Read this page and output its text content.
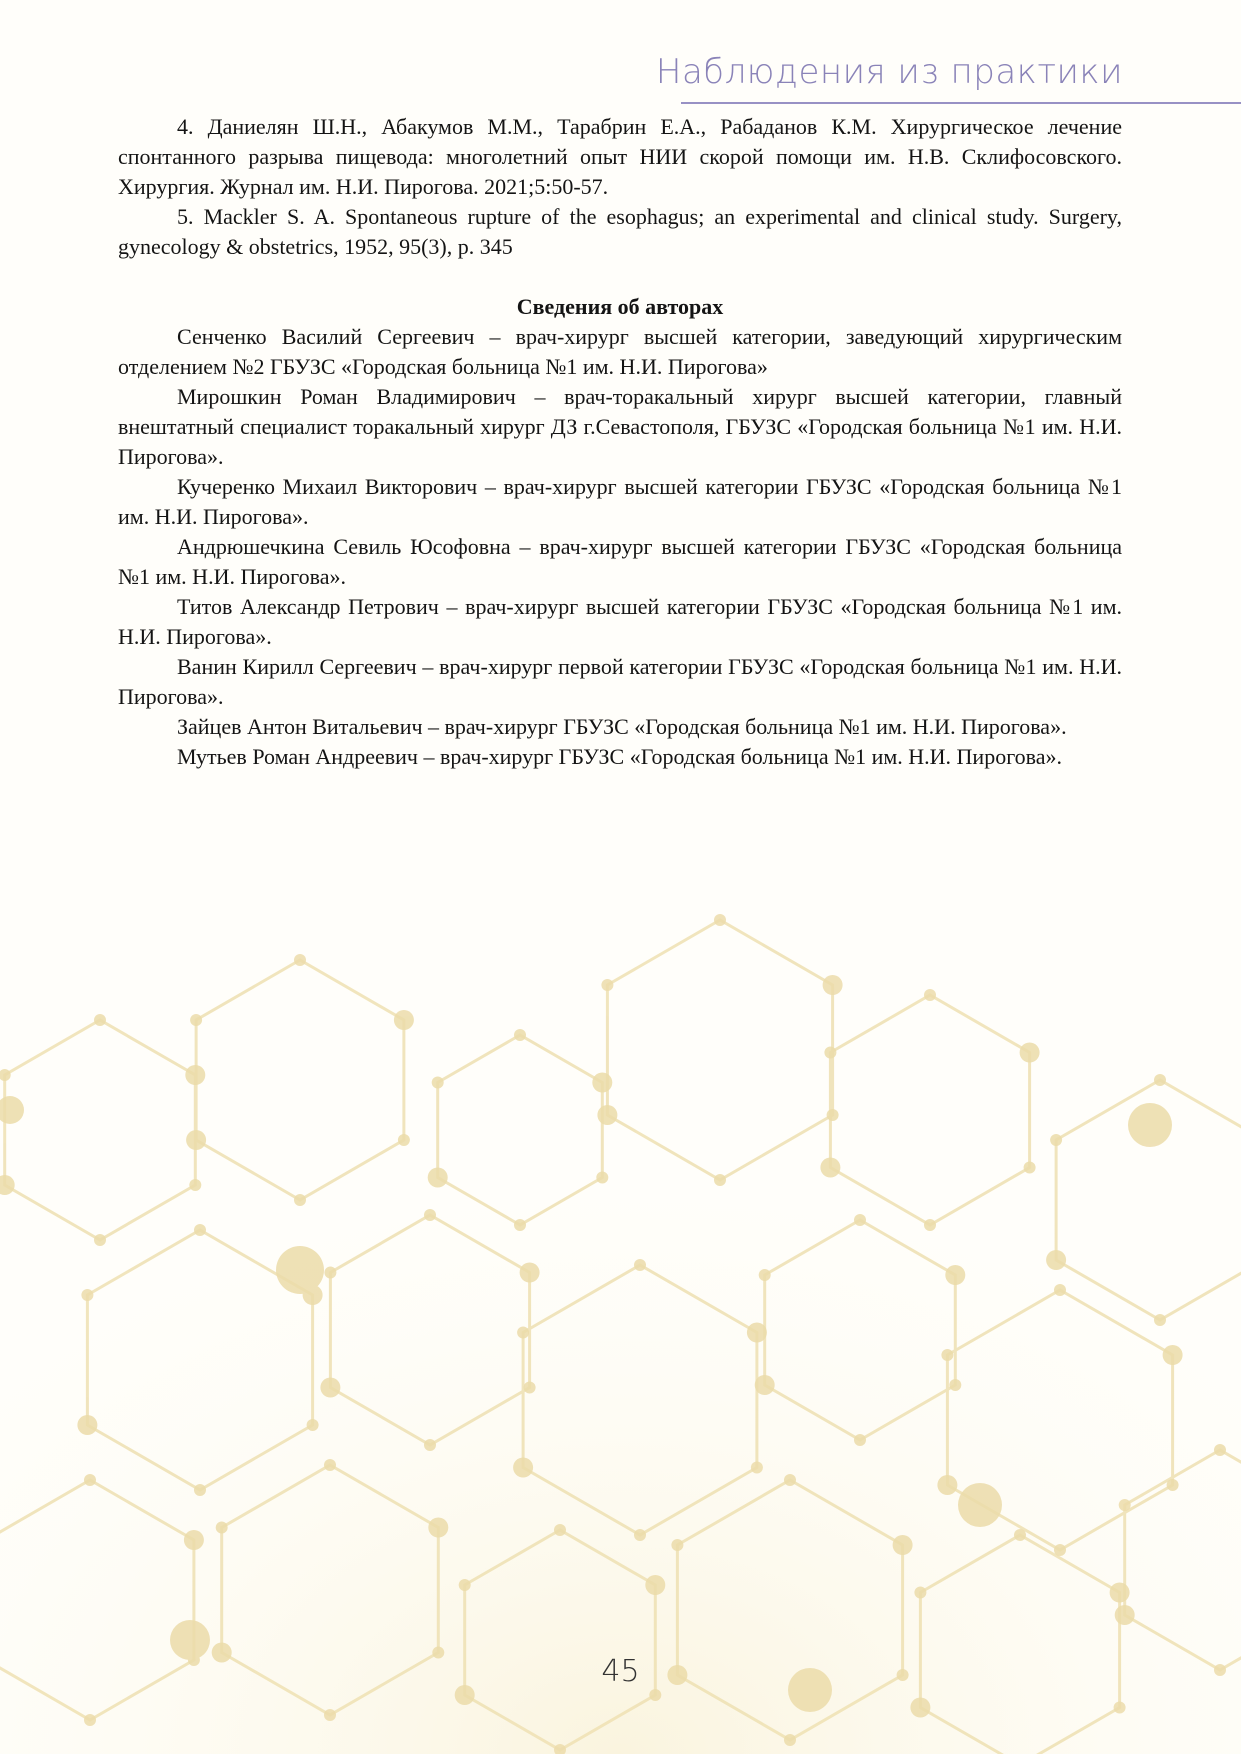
Наблюдения из практики

4. Даниелян Ш.Н., Абакумов М.М., Тарабрин Е.А., Рабаданов К.М. Хирургическое лечение спонтанного разрыва пищевода: многолетний опыт НИИ скорой помощи им. Н.В. Склифосовского. Хирургия. Журнал им. Н.И. Пирогова. 2021;5:50-57.

5. Mackler S. A. Spontaneous rupture of the esophagus; an experimental and clinical study. Surgery, gynecology & obstetrics, 1952, 95(3), p. 345

Сведения об авторах

Сенченко Василий Сергеевич – врач-хирург высшей категории, заведующий хирургическим отделением №2 ГБУЗС «Городская больница №1 им. Н.И. Пирогова»

Мирошкин Роман Владимирович – врач-торакальный хирург высшей категории, главный внештатный специалист торакальный хирург ДЗ г.Севастополя, ГБУЗС «Городская больница №1 им. Н.И. Пирогова».

Кучеренко Михаил Викторович – врач-хирург высшей категории ГБУЗС «Городская больница №1 им. Н.И. Пирогова».

Андрюшечкина Севиль Юсофовна – врач-хирург высшей категории ГБУЗС «Городская больница №1 им. Н.И. Пирогова».

Титов Александр Петрович – врач-хирург высшей категории ГБУЗС «Городская больница №1 им. Н.И. Пирогова».

Ванин Кирилл Сергеевич – врач-хирург первой категории ГБУЗС «Городская больница №1 им. Н.И. Пирогова».

Зайцев Антон Витальевич – врач-хирург ГБУЗС «Городская больница №1 им. Н.И. Пирогова».

Мутьев Роман Андреевич – врач-хирург ГБУЗС «Городская больница №1 им. Н.И. Пирогова».

45
